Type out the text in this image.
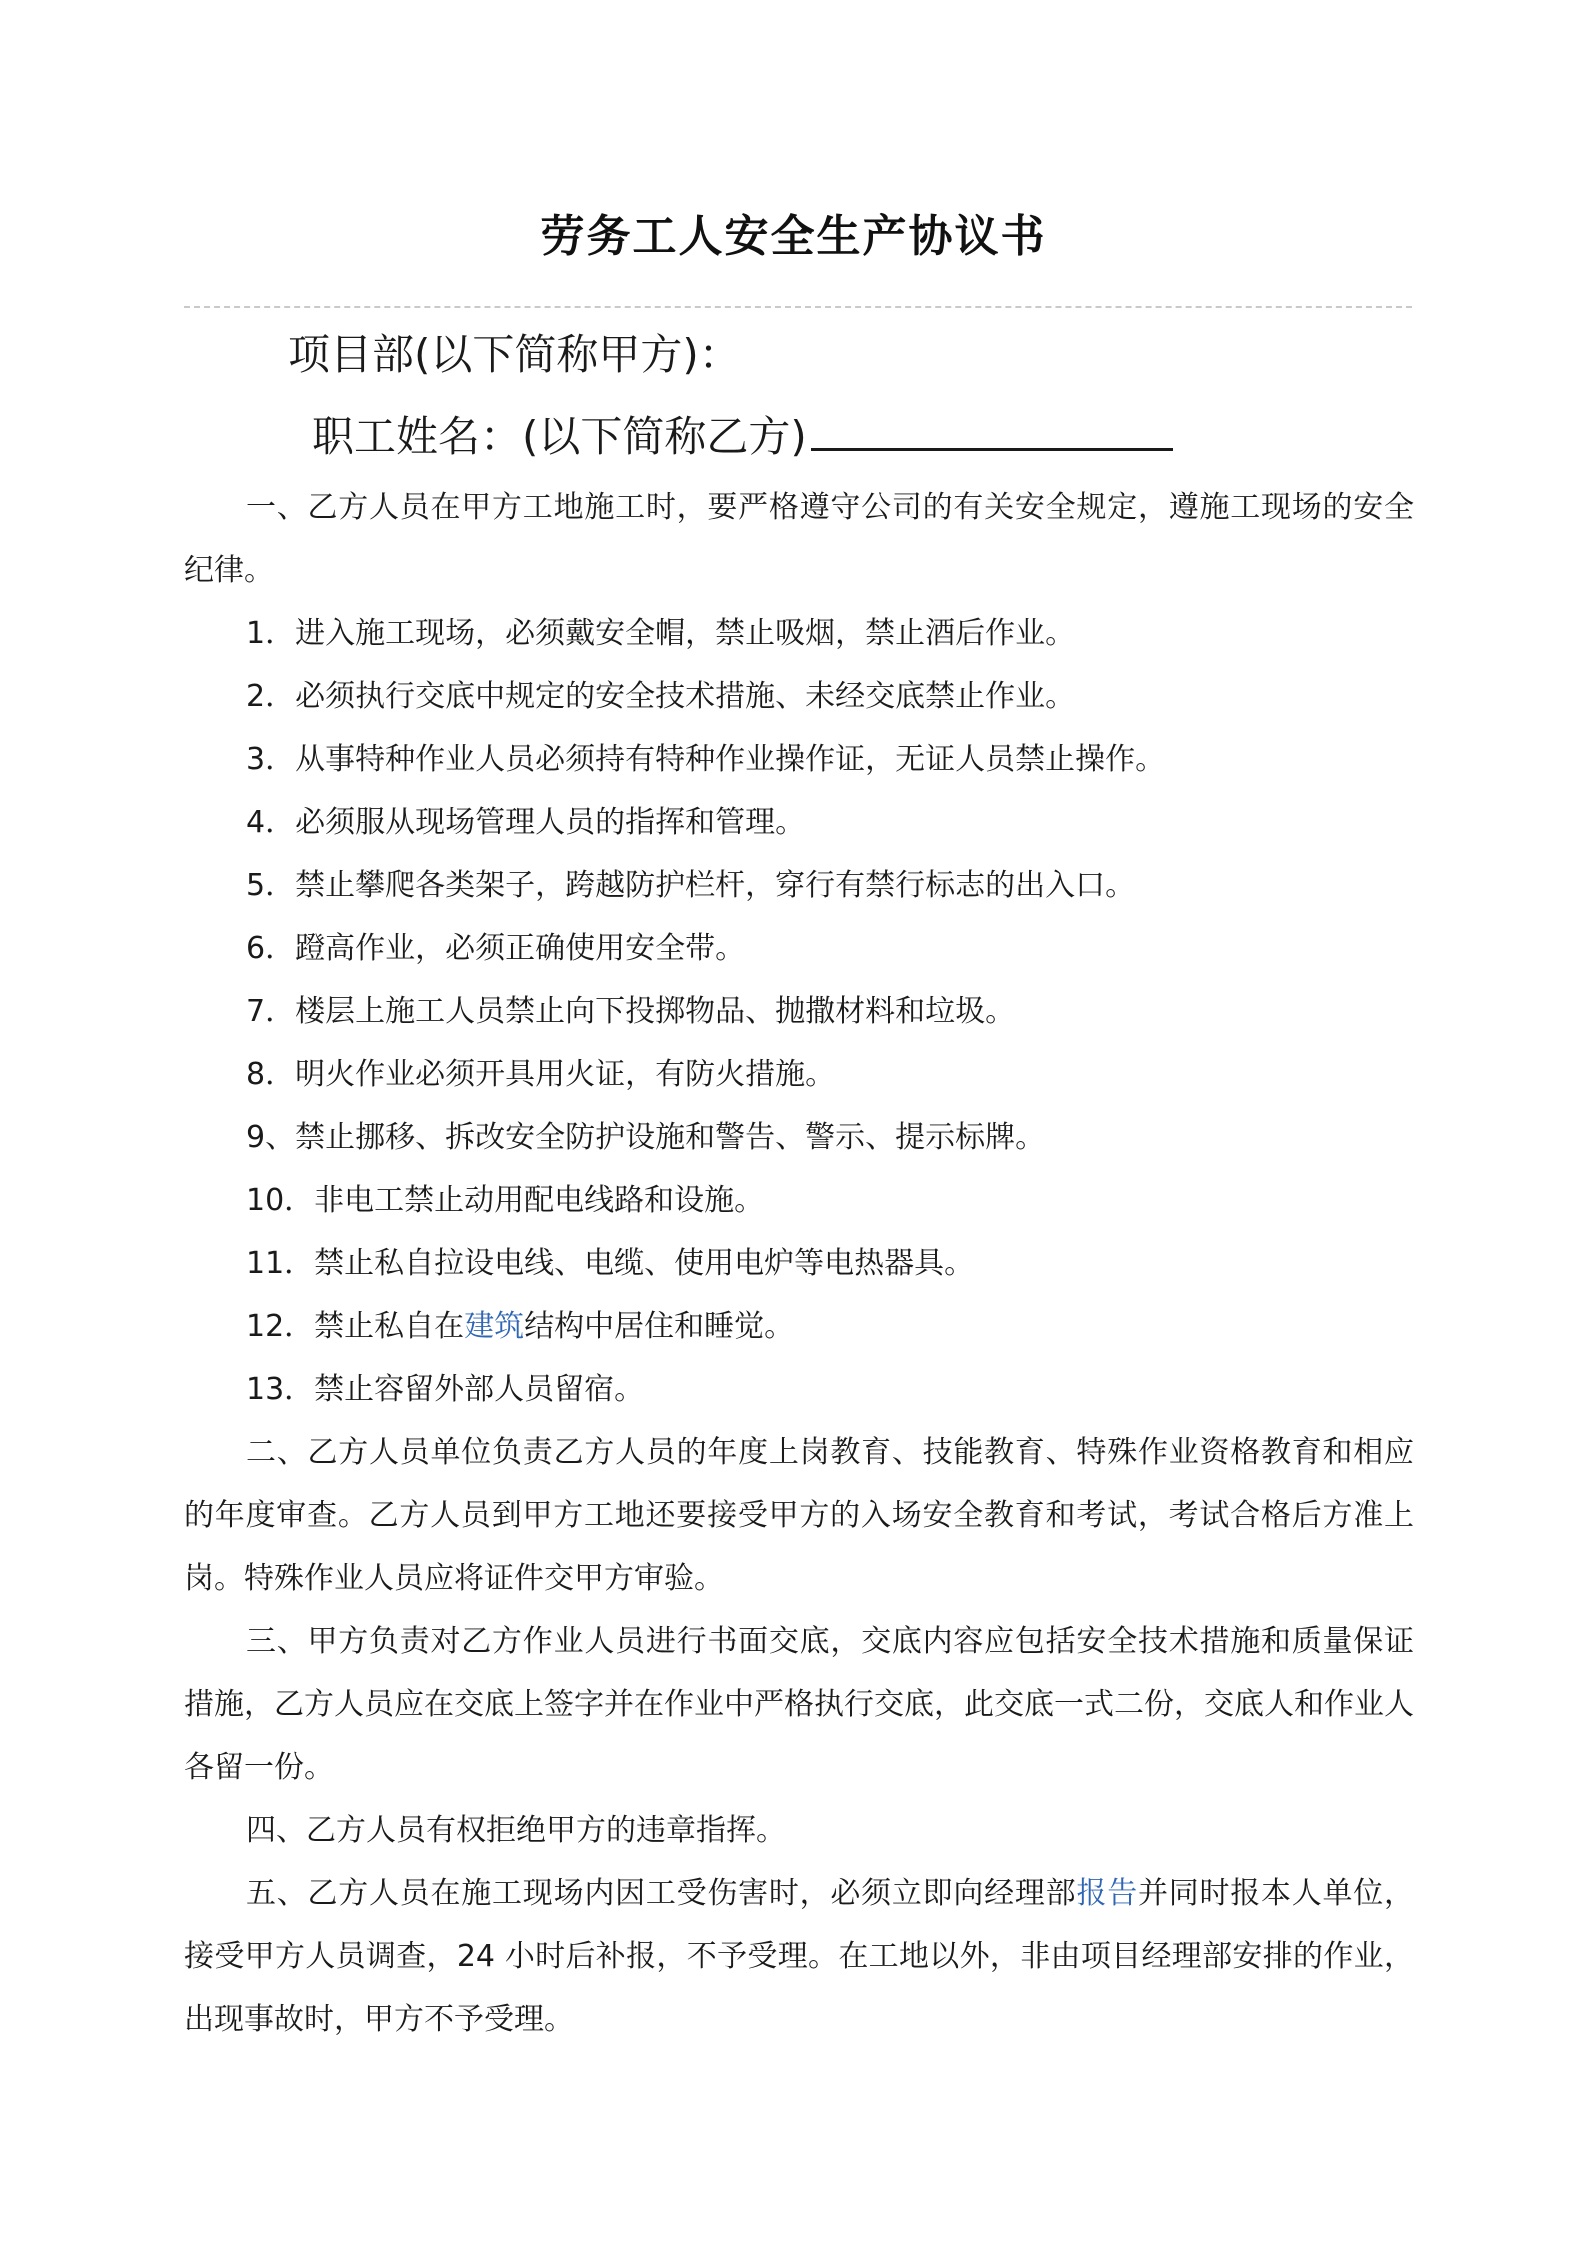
劳务工人安全生产协议书
项目部(以下简称甲方)：
职工姓名：(以下简称乙方)

一、乙方人员在甲方工地施工时，要严格遵守公司的有关安全规定，遵施工现场的安全纪律。

1．进入施工现场，必须戴安全帽，禁止吸烟，禁止酒后作业。

2．必须执行交底中规定的安全技术措施、未经交底禁止作业。

3．从事特种作业人员必须持有特种作业操作证，无证人员禁止操作。

4．必须服从现场管理人员的指挥和管理。

5．禁止攀爬各类架子，跨越防护栏杆，穿行有禁行标志的出入口。

6．蹬高作业，必须正确使用安全带。

7．楼层上施工人员禁止向下投掷物品、抛撒材料和垃圾。

8．明火作业必须开具用火证，有防火措施。

9、禁止挪移、拆改安全防护设施和警告、警示、提示标牌。

10．非电工禁止动用配电线路和设施。

11．禁止私自拉设电线、电缆、使用电炉等电热器具。

12．禁止私自在建筑结构中居住和睡觉。

13．禁止容留外部人员留宿。

二、乙方人员单位负责乙方人员的年度上岗教育、技能教育、特殊作业资格教育和相应的年度审查。乙方人员到甲方工地还要接受甲方的入场安全教育和考试，考试合格后方准上岗。特殊作业人员应将证件交甲方审验。

三、甲方负责对乙方作业人员进行书面交底，交底内容应包括安全技术措施和质量保证措施，乙方人员应在交底上签字并在作业中严格执行交底，此交底一式二份，交底人和作业人各留一份。

四、乙方人员有权拒绝甲方的违章指挥。

五、乙方人员在施工现场内因工受伤害时，必须立即向经理部报告并同时报本人单位，接受甲方人员调查，24 小时后补报，不予受理。在工地以外，非由项目经理部安排的作业，出现事故时，甲方不予受理。
